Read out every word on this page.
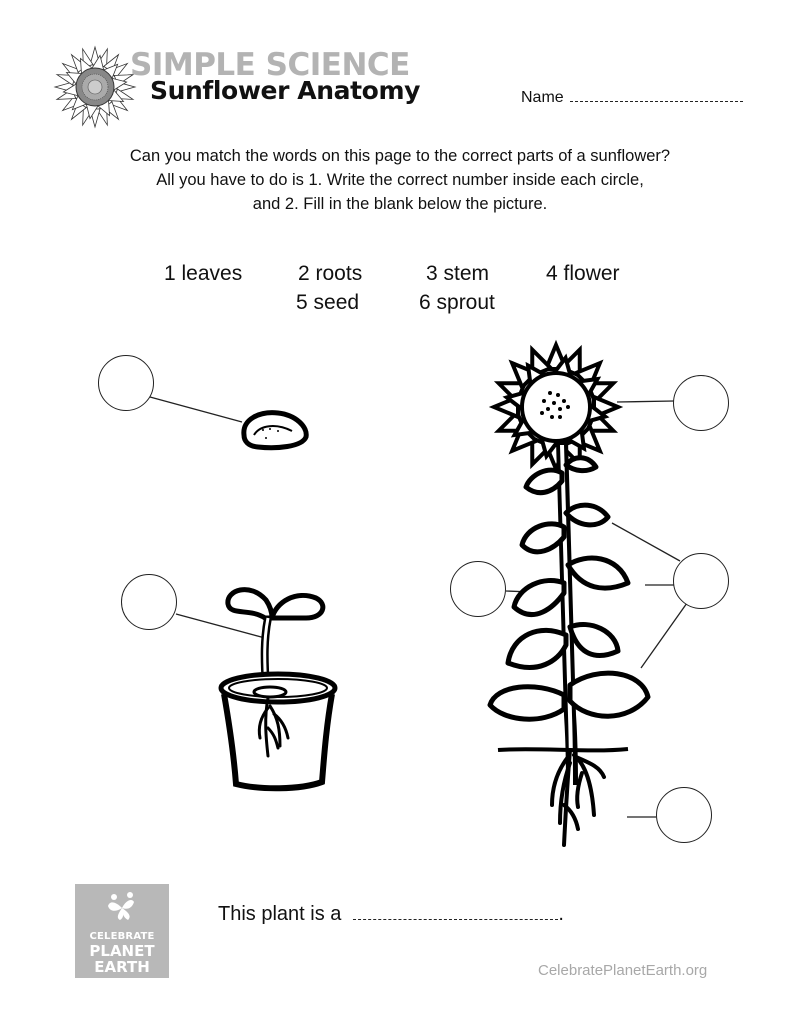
SIMPLE SCIENCE
Sunflower Anatomy	Name
Can you match the words on this page to the correct parts of a sunflower?
All you have to do is 1. Write the correct number inside each circle,
and 2. Fill in the blank below the picture.
1 leaves	2 roots	3 stem	4 flower
5 seed	6 sprout
CELEBRATE
PLANET
EARTH
This plant is a	.
CelebratePlanetEarth.org
